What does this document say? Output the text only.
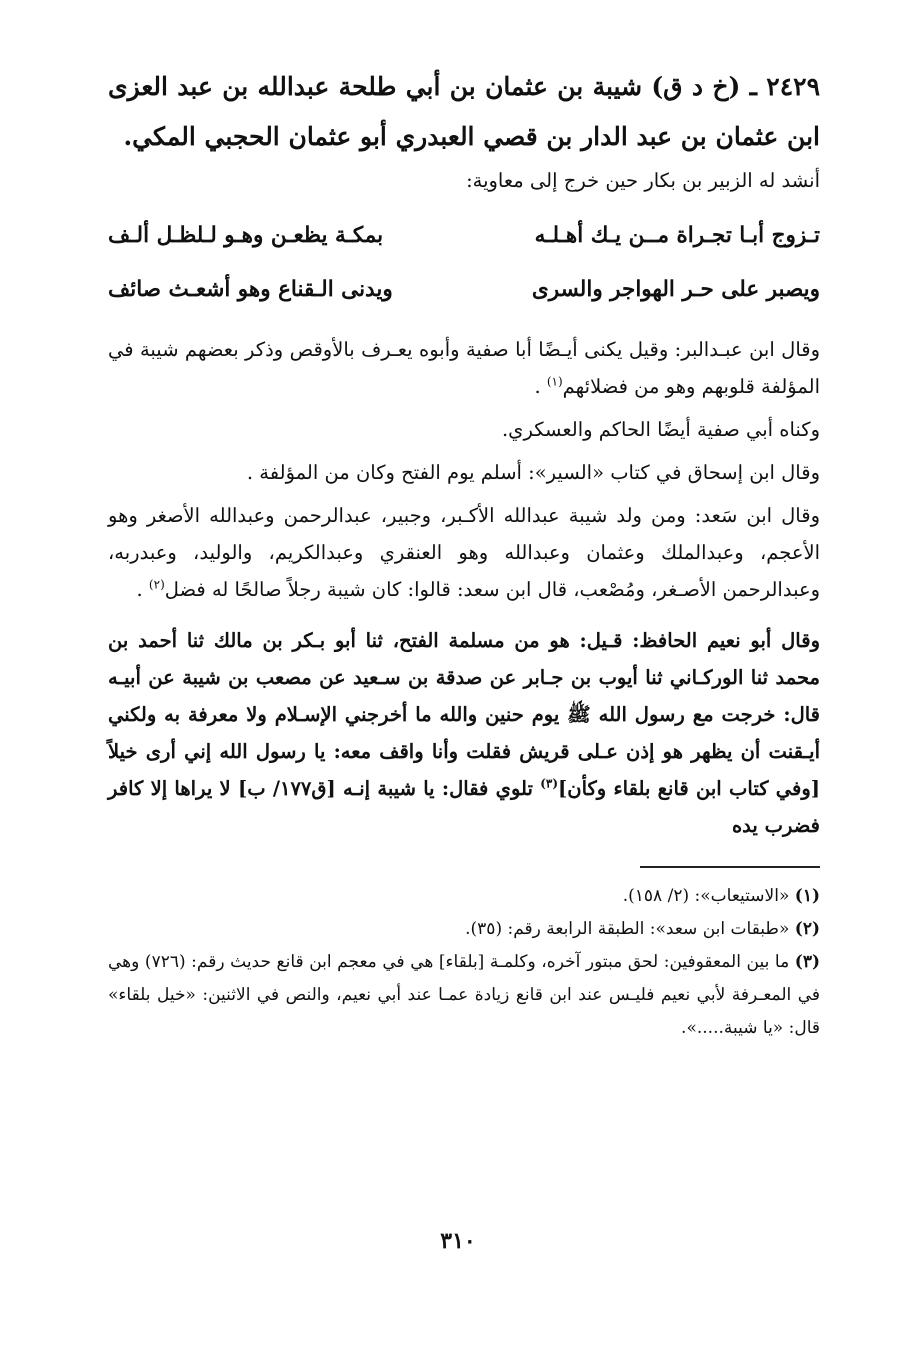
٢٤٢٩ ـ (خ د ق) شيبة بن عثمان بن أبي طلحة عبدالله بن عبد العزى ابن عثمان بن عبد الدار بن قصي العبدري أبو عثمان الحجبي المكي.

أنشد له الزبير بن بكار حين خرج إلى معاوية:

تـزوج أبـا تجـراة مــن يـك أهـلـه
بمكـة يظعـن وهـو لـلظـل ألـف
ويصبر على حـر الهواجر والسرى
ويدنى الـقناع وهو أشعـث صائف

وقال ابن عبـدالبر: وقيل يكنى أيـضًا أبا صفية وأبوه يعـرف بالأوقص وذكر بعضهم شيبة في المؤلفة قلوبهم وهو من فضلائهم$^{(١)}$ .

وكناه أبي صفية أيضًا الحاكم والعسكري.

وقال ابن إسحاق في كتاب «السير»: أسلم يوم الفتح وكان من المؤلفة .

وقال ابن سَعد: ومن ولد شيبة عبدالله الأكـبر، وجبير، عبدالرحمن وعبدالله الأصغر وهو الأعجم، وعبدالملك وعثمان وعبدالله وهو العنقري وعبدالكريم، والوليد، وعبدربه، وعبدالرحمن الأصـغر، ومُصْعب، قال ابن سعد: قالوا: كان شيبة رجلاً صالحًا له فضل$^{(٢)}$ .

وقال أبو نعيم الحافظ: قـيل: هو من مسلمة الفتح، ثنا أبو بـكر بن مالك ثنا أحمد بن محمد ثنا الوركـاني ثنا أيوب بن جـابر عن صدقة بن سـعيد عن مصعب بن شيبة عن أبيـه قال: خرجت مع رسول الله ﷺ يوم حنين والله ما أخرجني الإسـلام ولا معرفة به ولكني أيـقنت أن يظهر هو إذن عـلى قريش فقلت وأنا واقف معه: يا رسول الله إني أرى خيلاً [وفي كتاب ابن قانع بلقاء وكأن]$^{(٣)}$ تلوي فقال: يا شيبة إنـه [ق١٧٧/ ب] لا يراها إلا كافر فضرب يده

(١) «الاستيعاب»: (٢/ ١٥٨).

(٢) «طبقات ابن سعد»: الطبقة الرابعة رقم: (٣٥).

(٣) ما بين المعقوفين: لحق مبتور آخره، وكلمـة [بلقاء] هي في معجم ابن قانع حديث رقم: (٧٢٦) وهي في المعـرفة لأبي نعيم فليـس عند ابن قانع زيادة عمـا عند أبي نعيم، والنص في الاثنين: «خيل بلقاء» قال: «يا شيبة.....».

٣١٠
